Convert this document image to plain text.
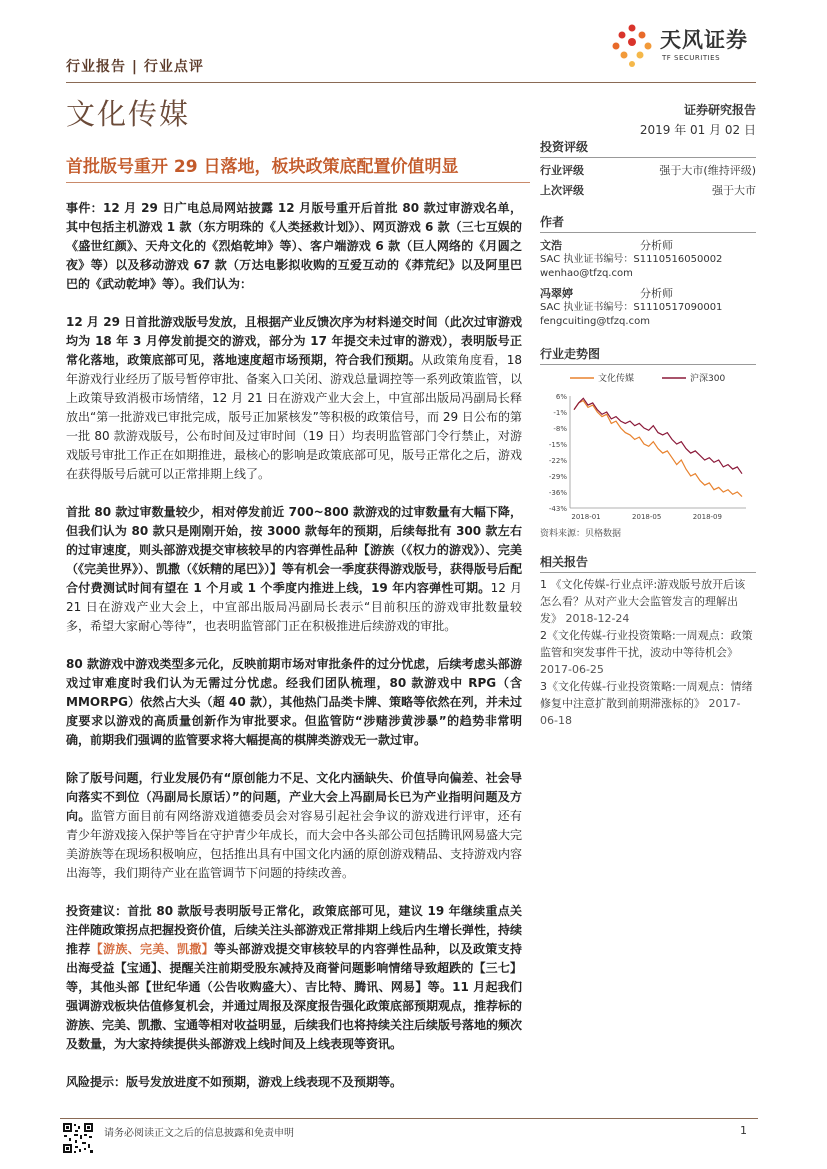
行业报告 | 行业点评
天风证券
TF SECURITIES
文化传媒	证券研究报告
2019 年 01 月 02 日
首批版号重开 29 日落地，板块政策底配置价值明显

事件：12 月 29 日广电总局网站披露 12 月版号重开后首批 80 款过审游戏名单，其中包括主机游戏 1 款（东方明珠的《人类拯救计划》）、网页游戏 6 款（三七互娱的《盛世红颜》、天舟文化的《烈焰乾坤》等）、客户端游戏 6 款（巨人网络的《月圆之夜》等）以及移动游戏 67 款（万达电影拟收购的互爱互动的《莽荒纪》以及阿里巴巴的《武动乾坤》等）。我们认为：

12 月 29 日首批游戏版号发放，且根据产业反馈次序为材料递交时间（此次过审游戏均为 18 年 3 月停发前提交的游戏，部分为 17 年提交未过审的游戏），表明版号正常化落地，政策底部可见，落地速度超市场预期，符合我们预期。从政策角度看，18 年游戏行业经历了版号暂停审批、备案入口关闭、游戏总量调控等一系列政策监管，以上政策导致消极市场情绪，12 月 21 日在游戏产业大会上，中宣部出版局冯副局长释放出“第一批游戏已审批完成，版号正加紧核发”等积极的政策信号，而 29 日公布的第一批 80 款游戏版号，公布时间及过审时间（19 日）均表明监管部门令行禁止，对游戏版号审批工作正在如期推进，最核心的影响是政策底部可见，版号正常化之后，游戏在获得版号后就可以正常排期上线了。

首批 80 款过审数量较少，相对停发前近 700~800 款游戏的过审数量有大幅下降，但我们认为 80 款只是刚刚开始，按 3000 款每年的预期，后续每批有 300 款左右的过审速度，则头部游戏提交审核较早的内容弹性品种【游族（《权力的游戏》）、完美（《完美世界》）、凯撒（《妖精的尾巴》）】等有机会一季度获得游戏版号，获得版号后配合付费测试时间有望在 1 个月或 1 个季度内推进上线，19 年内容弹性可期。12 月 21 日在游戏产业大会上，中宣部出版局冯副局长表示“目前积压的游戏审批数量较多，希望大家耐心等待”，也表明监管部门正在积极推进后续游戏的审批。

80 款游戏中游戏类型多元化，反映前期市场对审批条件的过分忧虑，后续考虑头部游戏过审难度时我们认为无需过分忧虑。经我们团队梳理，80 款游戏中 RPG（含 MMORPG）依然占大头（超 40 款），其他热门品类卡牌、策略等依然在列，并未过度要求以游戏的高质量创新作为审批要求。但监管防“涉赌涉黄涉暴”的趋势非常明确，前期我们强调的监管要求将大幅提高的棋牌类游戏无一款过审。

除了版号问题，行业发展仍有“原创能力不足、文化内涵缺失、价值导向偏差、社会导向落实不到位（冯副局长原话）”的问题，产业大会上冯副局长已为产业指明问题及方向。监管方面目前有网络游戏道德委员会对容易引起社会争议的游戏进行评审，还有青少年游戏接入保护等旨在守护青少年成长，而大会中各头部公司包括腾讯网易盛大完美游族等在现场积极响应，包括推出具有中国文化内涵的原创游戏精品、支持游戏内容出海等，我们期待产业在监管调节下问题的持续改善。

投资建议：首批 80 款版号表明版号正常化，政策底部可见，建议 19 年继续重点关注伴随政策拐点把握投资价值，后续关注头部游戏正常排期上线后内生增长弹性，持续推荐【游族、完美、凯撒】等头部游戏提交审核较早的内容弹性品种，以及政策支持出海受益【宝通】、提醒关注前期受股东减持及商誉问题影响情绪导致超跌的【三七】等，其他头部【世纪华通（公告收购盛大）、吉比特、腾讯、网易】等。11 月起我们强调游戏板块估值修复机会，并通过周报及深度报告强化政策底部预期观点，推荐标的游族、完美、凯撒、宝通等相对收益明显，后续我们也将持续关注后续版号落地的频次及数量，为大家持续提供头部游戏上线时间及上线表现等资讯。

风险提示：版号发放进度不如预期，游戏上线表现不及预期等。

投资评级
行业评级	强于大市(维持评级)
上次评级	强于大市
作者
文浩	分析师
SAC 执业证书编号：S1110516050002
wenhao@tfzq.com
冯翠婷	分析师
SAC 执业证书编号：S1110517090001
fengcuiting@tfzq.com
行业走势图
文化传媒	沪深300
6%
-1%
-8%
-15%
-22%
-29%
-36%
-43%
2018-01	2018-05	2018-09
资料来源：贝格数据
相关报告
1 《文化传媒-行业点评:游戏版号放开后该怎么看？从对产业大会监管发言的理解出发》 2018-12-24
2《文化传媒-行业投资策略:一周观点：政策监管和突发事件干扰，波动中等待机会》 2017-06-25
3《文化传媒-行业投资策略:一周观点：情绪修复中注意扩散到前期滞涨标的》 2017-06-18
请务必阅读正文之后的信息披露和免责申明	1
